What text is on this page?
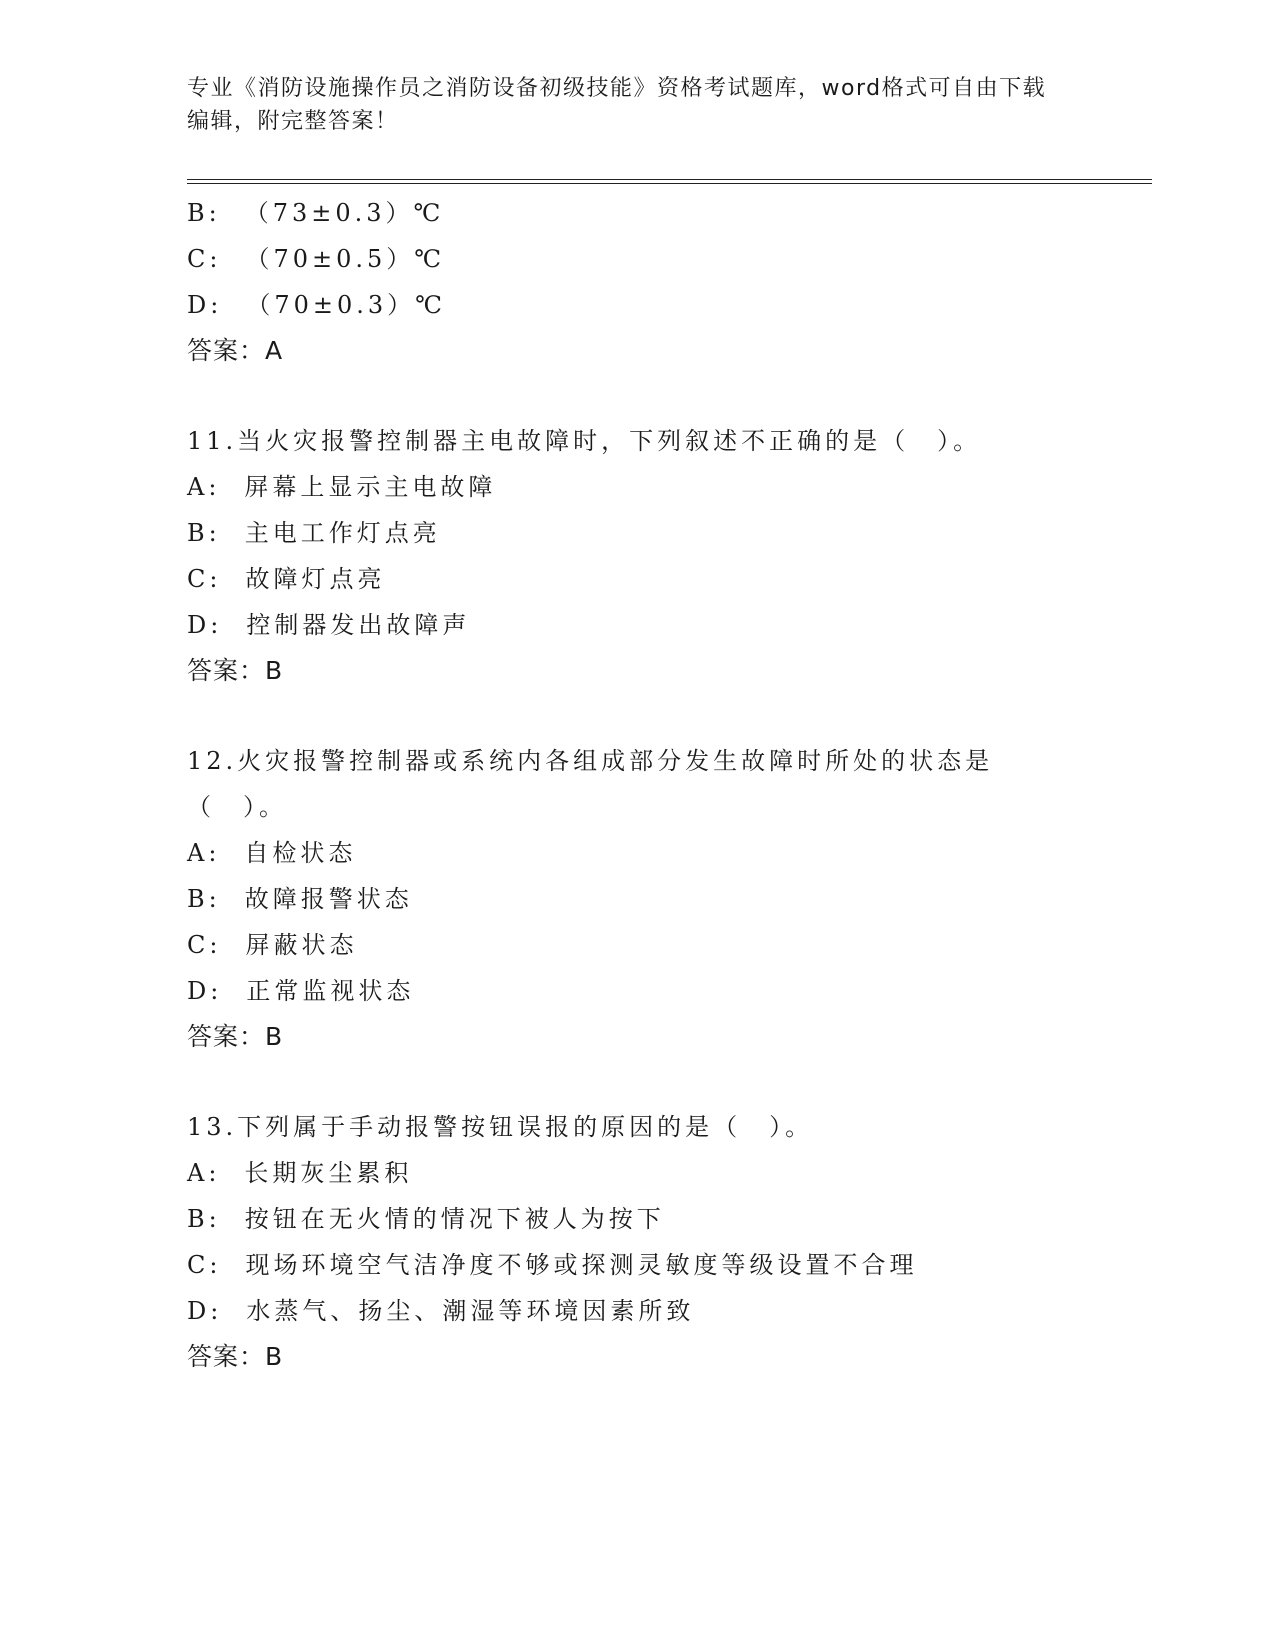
专业《消防设施操作员之消防设备初级技能》资格考试题库，word格式可自由下载编辑，附完整答案！
B: （73±0.3）℃
C: （70±0.5）℃
D: （70±0.3）℃
答案：A
11.当火灾报警控制器主电故障时，下列叙述不正确的是（　）。
A: 屏幕上显示主电故障
B: 主电工作灯点亮
C: 故障灯点亮
D: 控制器发出故障声
答案：B
12.火灾报警控制器或系统内各组成部分发生故障时所处的状态是（　）。
A: 自检状态
B: 故障报警状态
C: 屏蔽状态
D: 正常监视状态
答案：B
13.下列属于手动报警按钮误报的原因的是（　）。
A: 长期灰尘累积
B: 按钮在无火情的情况下被人为按下
C: 现场环境空气洁净度不够或探测灵敏度等级设置不合理
D: 水蒸气、扬尘、潮湿等环境因素所致
答案：B
